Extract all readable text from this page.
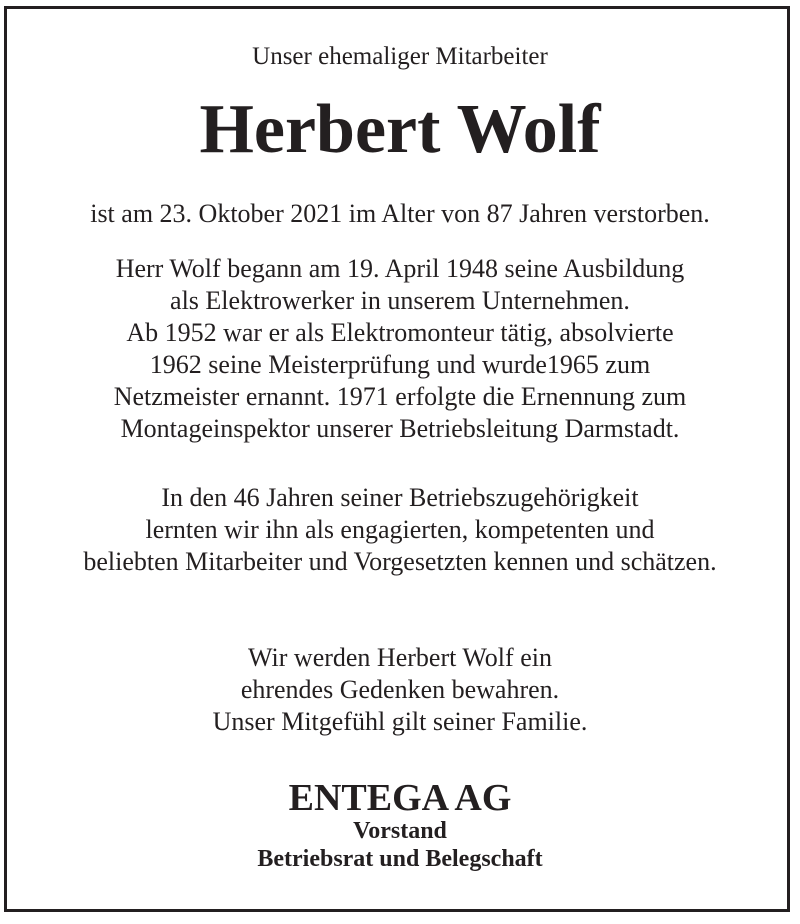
Unser ehemaliger Mitarbeiter

Herbert Wolf

ist am 23. Oktober 2021 im Alter von 87 Jahren verstorben.

Herr Wolf begann am 19. April 1948 seine Ausbildung
als Elektrowerker in unserem Unternehmen.
Ab 1952 war er als Elektromonteur tätig, absolvierte
1962 seine Meisterprüfung und wurde1965 zum
Netzmeister ernannt. 1971 erfolgte die Ernennung zum
Montageinspektor unserer Betriebsleitung Darmstadt.
In den 46 Jahren seiner Betriebszugehörigkeit
lernten wir ihn als engagierten, kompetenten und
beliebten Mitarbeiter und Vorgesetzten kennen und schätzen.
Wir werden Herbert Wolf ein
ehrendes Gedenken bewahren.
Unser Mitgefühl gilt seiner Familie.
ENTEGA AG
Vorstand
Betriebsrat und Belegschaft
